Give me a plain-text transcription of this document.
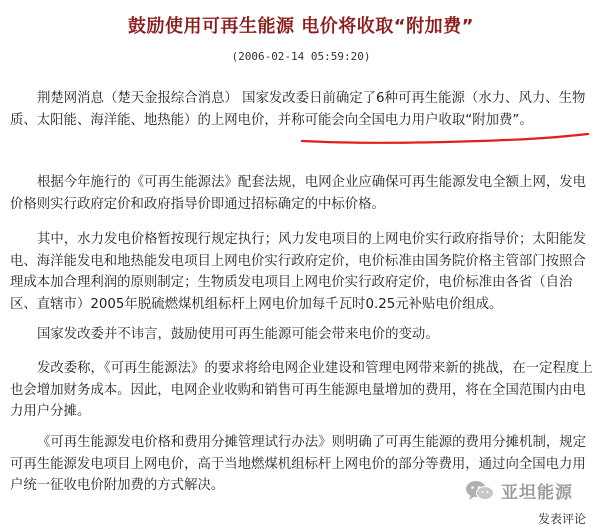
鼓励使用可再生能源 电价将收取“附加费”
(2006-02-14 05:59:20)

荆楚网消息（楚天金报综合消息） 国家发改委日前确定了6种可再生能源（水力、风力、生物质、太阳能、海洋能、地热能）的上网电价，并称可能会向全国电力用户收取“附加费”。

根据今年施行的《可再生能源法》配套法规，电网企业应确保可再生能源发电全额上网，发电价格则实行政府定价和政府指导价即通过招标确定的中标价格。

其中，水力发电价格暂按现行规定执行；风力发电项目的上网电价实行政府指导价；太阳能发电、海洋能发电和地热能发电项目上网电价实行政府定价，电价标准由国务院价格主管部门按照合理成本加合理利润的原则制定；生物质发电项目上网电价实行政府定价，电价标准由各省（自治区、直辖市）2005年脱硫燃煤机组标杆上网电价加每千瓦时0.25元补贴电价组成。

国家发改委并不讳言，鼓励使用可再生能源可能会带来电价的变动。

发改委称，《可再生能源法》的要求将给电网企业建设和管理电网带来新的挑战，在一定程度上也会增加财务成本。因此，电网企业收购和销售可再生能源电量增加的费用，将在全国范围内由电力用户分摊。

《可再生能源发电价格和费用分摊管理试行办法》则明确了可再生能源的费用分摊机制，规定可再生能源发电项目上网电价，高于当地燃煤机组标杆上网电价的部分等费用，通过向全国电力用户统一征收电价附加费的方式解决。	亚坦能源
发表评论
